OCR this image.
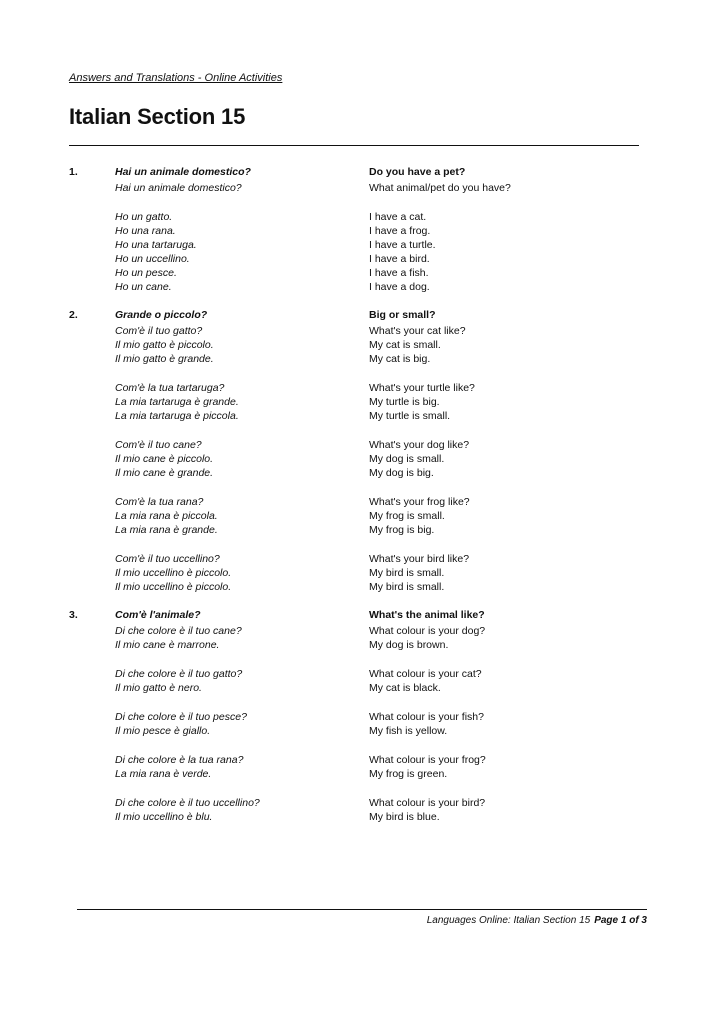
Answers and Translations - Online Activities
Italian Section 15
1.	Hai un animale domestico?	Do you have a pet?
Hai un animale domestico?	What animal/pet do you have?
Ho un gatto.	I have a cat.
Ho una rana.	I have a frog.
Ho una tartaruga.	I have a turtle.
Ho un uccellino.	I have a bird.
Ho un pesce.	I have a fish.
Ho un cane.	I have a dog.
2.	Grande o piccolo?	Big or small?
Com'è il tuo gatto?	What's your cat like?
Il mio gatto è piccolo.	My cat is small.
Il mio gatto è grande.	My cat is big.
Com'è la tua tartaruga?	What's your turtle like?
La mia tartaruga è grande.	My turtle is big.
La mia tartaruga è piccola.	My turtle is small.
Com'è il tuo cane?	What's your dog like?
Il mio cane è piccolo.	My dog is small.
Il mio cane è grande.	My dog is big.
Com'è la tua rana?	What's your frog like?
La mia rana è piccola.	My frog is small.
La mia rana è grande.	My frog is big.
Com'è il tuo uccellino?	What's your bird like?
Il mio uccellino è piccolo.	My bird is small.
Il mio uccellino è piccolo.	My bird is small.
3.	Com'è l'animale?	What's the animal like?
Di che colore è il tuo cane?	What colour is your dog?
Il mio cane è marrone.	My dog is brown.
Di che colore è il tuo gatto?	What colour is your cat?
Il mio gatto è nero.	My cat is black.
Di che colore è il tuo pesce?	What colour is your fish?
Il mio pesce è giallo.	My fish is yellow.
Di che colore è la tua rana?	What colour is your frog?
La mia rana è verde.	My frog is green.
Di che colore è il tuo uccellino?	What colour is your bird?
Il mio uccellino è blu.	My bird is blue.
Languages Online: Italian Section 15 Page 1 of 3
